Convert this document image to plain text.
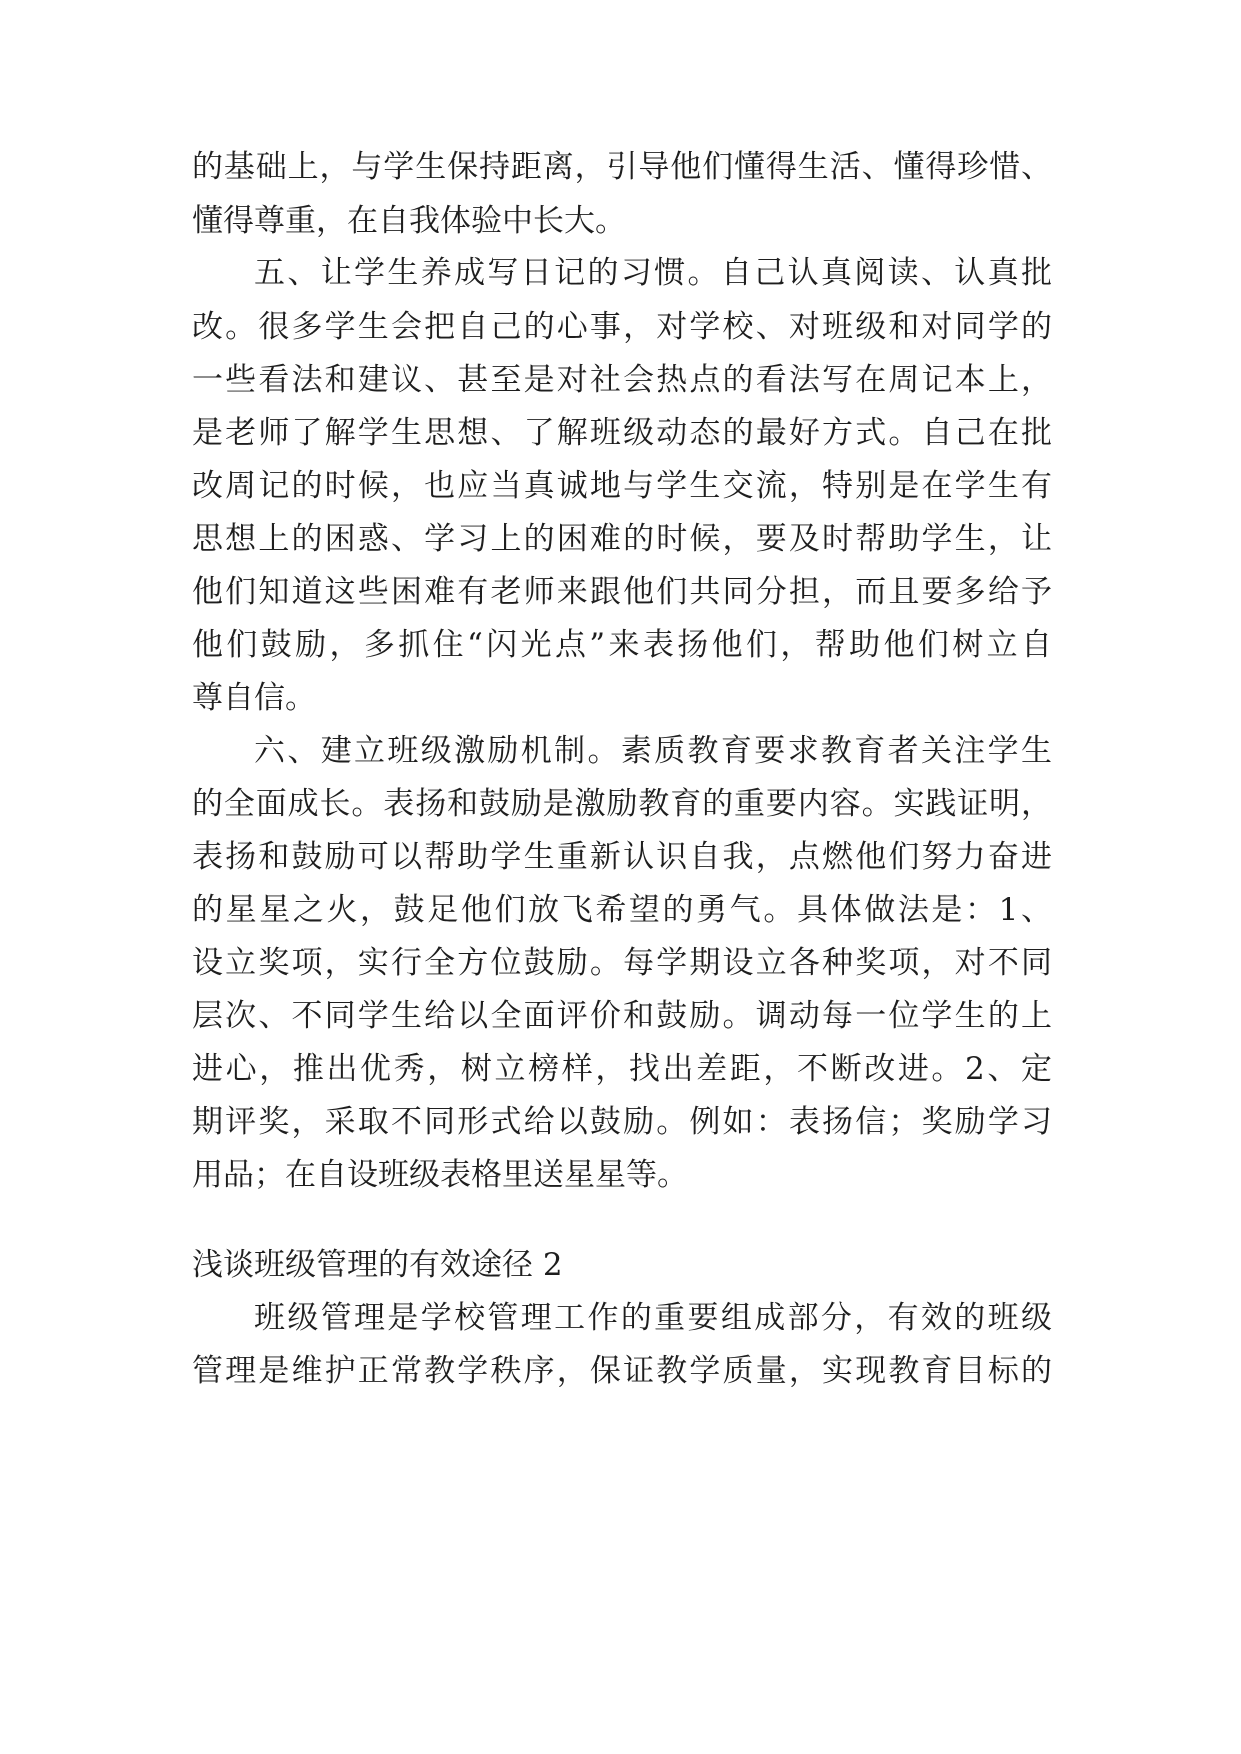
的基础上，与学生保持距离，引导他们懂得生活、懂得珍惜、

懂得尊重，在自我体验中长大。

五、让学生养成写日记的习惯。自己认真阅读、认真批

改。很多学生会把自己的心事，对学校、对班级和对同学的

一些看法和建议、甚至是对社会热点的看法写在周记本上，

是老师了解学生思想、了解班级动态的最好方式。自己在批

改周记的时候，也应当真诚地与学生交流，特别是在学生有

思想上的困惑、学习上的困难的时候，要及时帮助学生，让

他们知道这些困难有老师来跟他们共同分担，而且要多给予

他们鼓励，多抓住“闪光点”来表扬他们，帮助他们树立自

尊自信。

六、建立班级激励机制。素质教育要求教育者关注学生

的全面成长。表扬和鼓励是激励教育的重要内容。实践证明，

表扬和鼓励可以帮助学生重新认识自我，点燃他们努力奋进

的星星之火，鼓足他们放飞希望的勇气。具体做法是：1、

设立奖项，实行全方位鼓励。每学期设立各种奖项，对不同

层次、不同学生给以全面评价和鼓励。调动每一位学生的上

进心，推出优秀，树立榜样，找出差距，不断改进。2、定

期评奖，采取不同形式给以鼓励。例如：表扬信；奖励学习

用品；在自设班级表格里送星星等。

浅谈班级管理的有效途径 2

班级管理是学校管理工作的重要组成部分，有效的班级

管理是维护正常教学秩序，保证教学质量，实现教育目标的
